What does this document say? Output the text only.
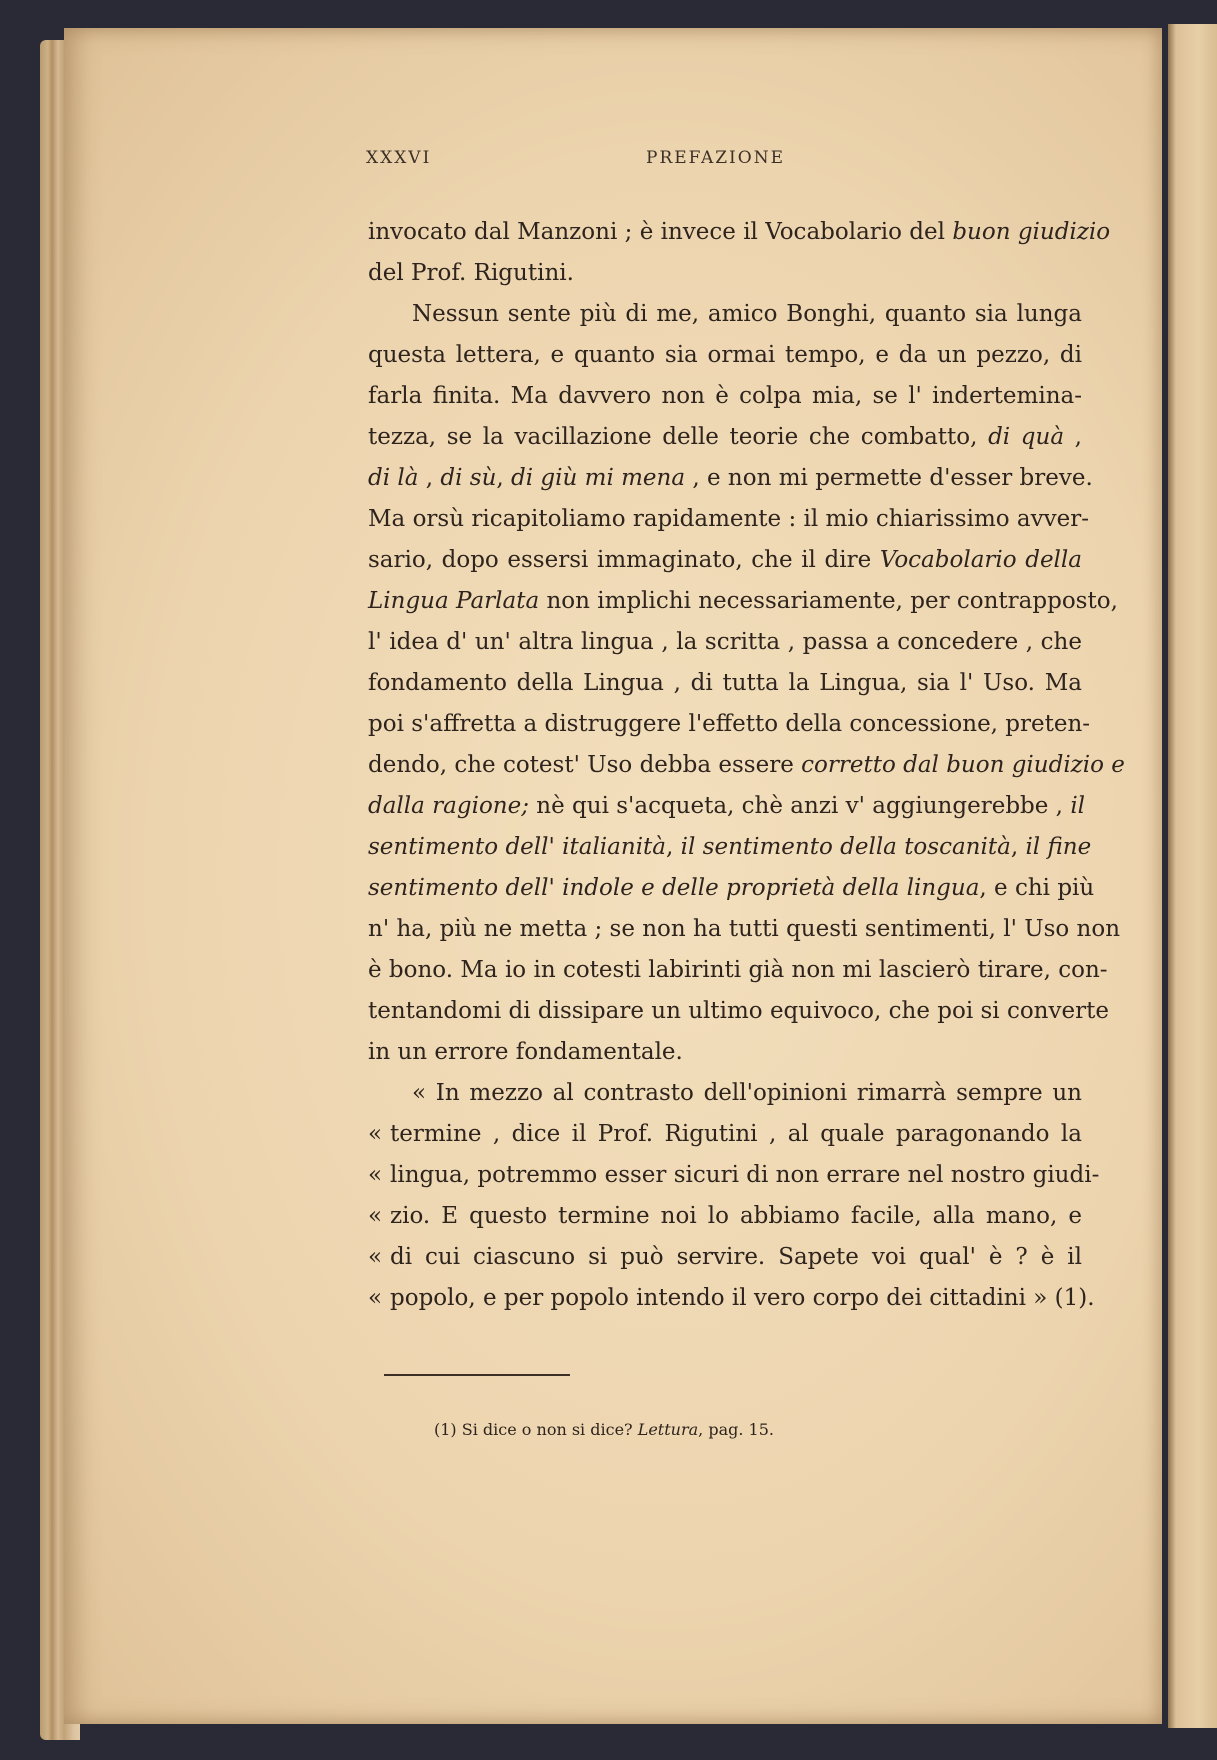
XXXVI	PREFAZIONE
invocato dal Manzoni ; è invece il Vocabolario del buon giudizio
del Prof. Rigutini.
Nessun sente più di me, amico Bonghi, quanto sia lunga
questa lettera, e quanto sia ormai tempo, e da un pezzo, di
farla finita. Ma davvero non è colpa mia, se l' indertemina-
tezza, se la vacillazione delle teorie che combatto, di quà ,
di là , di sù, di giù mi mena , e non mi permette d'esser breve.
Ma orsù ricapitoliamo rapidamente : il mio chiarissimo avver-
sario, dopo essersi immaginato, che il dire Vocabolario della
Lingua Parlata non implichi necessariamente, per contrapposto,
l' idea d' un' altra lingua , la scritta , passa a concedere , che
fondamento della Lingua , di tutta la Lingua, sia l' Uso. Ma
poi s'affretta a distruggere l'effetto della concessione, preten-
dendo, che cotest' Uso debba essere corretto dal buon giudizio e
dalla ragione; nè qui s'acqueta, chè anzi v' aggiungerebbe , il
sentimento dell' italianità, il sentimento della toscanità, il fine
sentimento dell' indole e delle proprietà della lingua, e chi più
n' ha, più ne metta ; se non ha tutti questi sentimenti, l' Uso non
è bono. Ma io in cotesti labirinti già non mi lascierò tirare, con-
tentandomi di dissipare un ultimo equivoco, che poi si converte
in un errore fondamentale.
« In mezzo al contrasto dell'opinioni rimarrà sempre un
« termine , dice il Prof. Rigutini , al quale paragonando la
« lingua, potremmo esser sicuri di non errare nel nostro giudi-
« zio. E questo termine noi lo abbiamo facile, alla mano, e
« di cui ciascuno si può servire. Sapete voi qual' è ? è il
« popolo, e per popolo intendo il vero corpo dei cittadini » (1).
(1) Si dice o non si dice? Lettura, pag. 15.
